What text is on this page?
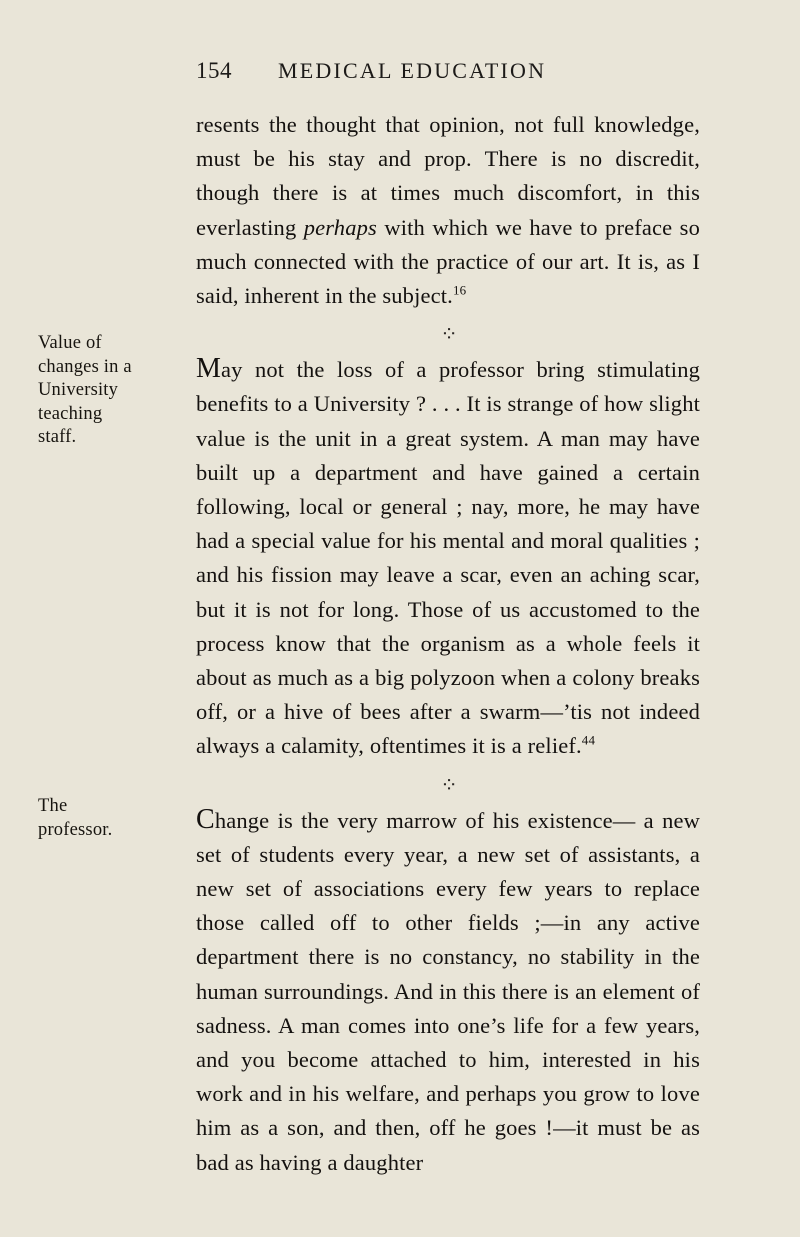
154 MEDICAL EDUCATION
Value of
changes in a
University
teaching
staff.
The
professor.

resents the thought that opinion, not full knowledge, must be his stay and prop. There is no discredit, though there is at times much discomfort, in this everlasting perhaps with which we have to preface so much connected with the practice of our art. It is, as I said, inherent in the subject.$^{16}$

⁘

May not the loss of a professor bring stimulating benefits to a University ? . . . It is strange of how slight value is the unit in a great system. A man may have built up a department and have gained a certain following, local or general ; nay, more, he may have had a special value for his mental and moral qualities ; and his fission may leave a scar, even an aching scar, but it is not for long. Those of us accustomed to the process know that the organism as a whole feels it about as much as a big polyzoon when a colony breaks off, or a hive of bees after a swarm—’tis not indeed always a calamity, oftentimes it is a relief.$^{44}$

⁘

Change is the very marrow of his existence— a new set of students every year, a new set of assistants, a new set of associations every few years to replace those called off to other fields ;—in any active department there is no constancy, no stability in the human surroundings. And in this there is an element of sadness. A man comes into one’s life for a few years, and you become attached to him, interested in his work and in his welfare, and perhaps you grow to love him as a son, and then, off he goes !—it must be as bad as having a daughter
